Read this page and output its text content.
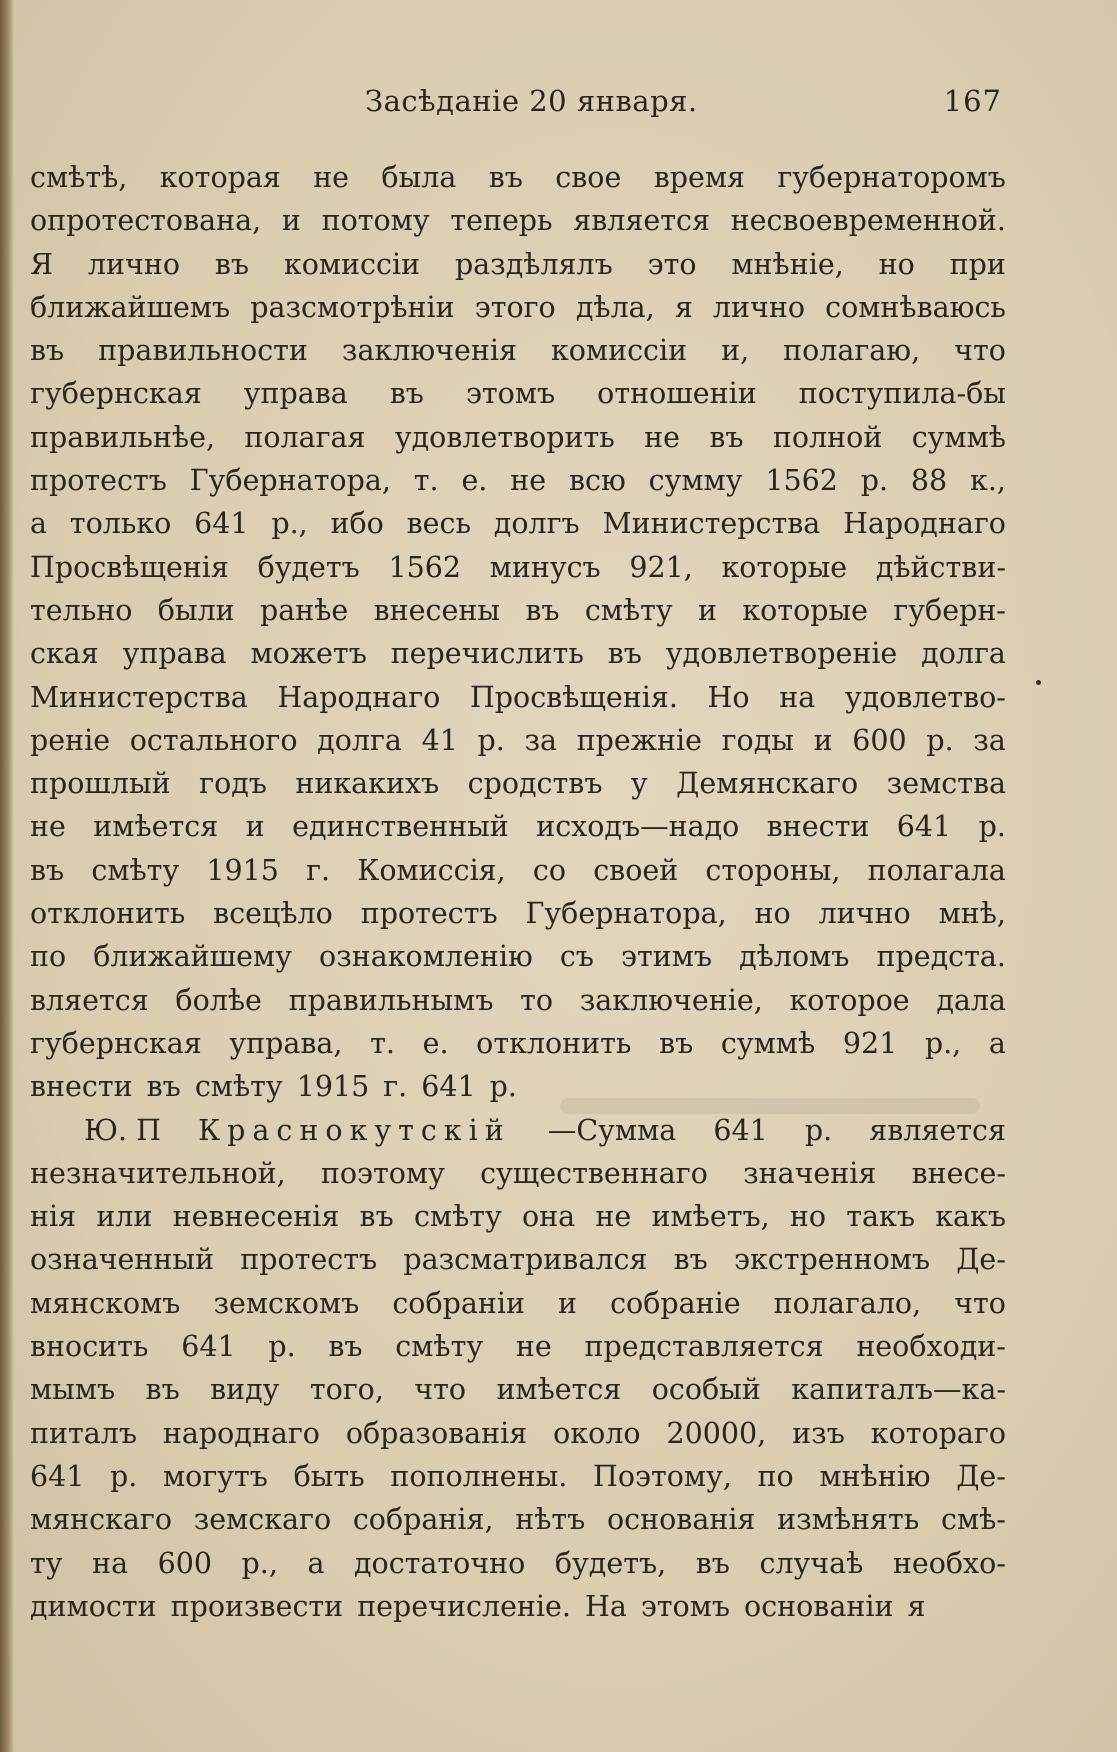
Засѣданіе 20 января.	167
смѣтѣ, которая не была въ свое время губернаторомъ
опротестована, и потому теперь является несвоевременной.
Я лично въ комиссіи раздѣлялъ это мнѣніе, но при
ближайшемъ разсмотрѣніи этого дѣла, я лично сомнѣваюсь
въ правильности заключенія комиссіи и, полагаю, что
губернская управа въ этомъ отношеніи поступила-бы
правильнѣе, полагая удовлетворить не въ полной суммѣ
протестъ Губернатора, т. е. не всю сумму 1562 р. 88 к.,
а только 641 р., ибо весь долгъ Министерства Народнаго
Просвѣщенія будетъ 1562 минусъ 921, которые дѣйстви-
тельно были ранѣе внесены въ смѣту и которые губерн-
ская управа можетъ перечислить въ удовлетвореніе долга
Министерства Народнаго Просвѣщенія. Но на удовлетво-
реніе остального долга 41 р. за прежніе годы и 600 р. за
прошлый годъ никакихъ сродствъ у Демянскаго земства
не имѣется и единственный исходъ—надо внести 641 р.
въ смѣту 1915 г. Комиссія, со своей стороны, полагала
отклонить всецѣло протестъ Губернатора, но лично мнѣ,
по ближайшему ознакомленію съ этимъ дѣломъ предста.
вляется болѣе правильнымъ то заключеніе, которое дала
губернская управа, т. е. отклонить въ суммѣ 921 р., а
внести въ смѣту 1915 г. 641 р.
Ю. П Краснокутскій —Сумма 641 р. является
незначительной, поэтому существеннаго значенія внесе-
нія или невнесенія въ смѣту она не имѣетъ, но такъ какъ
означенный протестъ разсматривался въ экстренномъ Де-
мянскомъ земскомъ собраніи и собраніе полагало, что
вносить 641 р. въ смѣту не представляется необходи-
мымъ въ виду того, что имѣется особый капиталъ—ка-
питалъ народнаго образованія около 20000, изъ котораго
641 р. могутъ быть пополнены. Поэтому, по мнѣнію Де-
мянскаго земскаго собранія, нѣтъ основанія измѣнять смѣ-
ту на 600 р., а достаточно будетъ, въ случаѣ необхо-
димости произвести перечисленіе. На этомъ основаніи я
